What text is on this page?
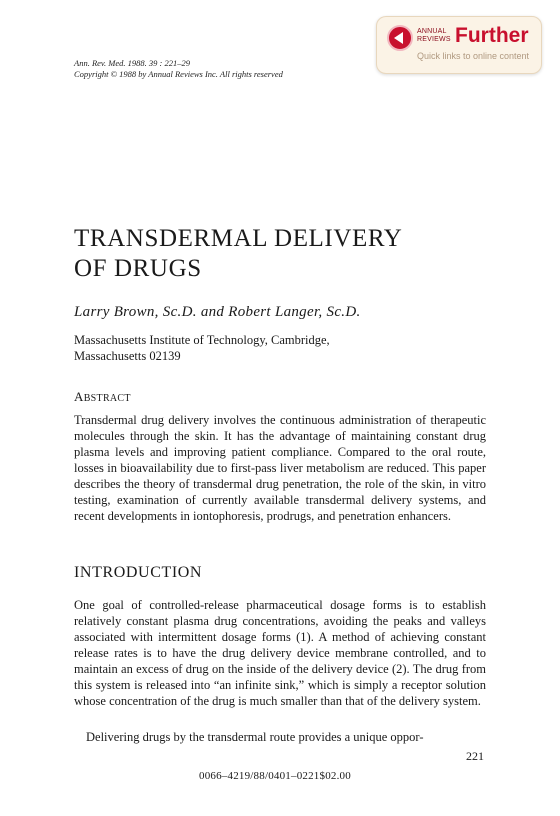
ANNUAL
REVIEWS Further
Quick links to online content
Ann. Rev. Med. 1988. 39 : 221–29
Copyright © 1988 by Annual Reviews Inc. All rights reserved
TRANSDERMAL DELIVERY
OF DRUGS
Larry Brown, Sc.D. and Robert Langer, Sc.D.
Massachusetts Institute of Technology, Cambridge,
Massachusetts 02139
ABSTRACT
Transdermal drug delivery involves the continuous administration of therapeutic molecules through the skin. It has the advantage of maintaining constant drug plasma levels and improving patient compliance. Compared to the oral route, losses in bioavailability due to first-pass liver metabolism are reduced. This paper describes the theory of transdermal drug penetration, the role of the skin, in vitro testing, examination of currently available transdermal delivery systems, and recent developments in iontophoresis, prodrugs, and penetration enhancers.
INTRODUCTION
One goal of controlled-release pharmaceutical dosage forms is to establish relatively constant plasma drug concentrations, avoiding the peaks and valleys associated with intermittent dosage forms (1). A method of achieving constant release rates is to have the drug delivery device membrane controlled, and to maintain an excess of drug on the inside of the delivery device (2). The drug from this system is released into “an infinite sink,” which is simply a receptor solution whose concentration of the drug is much smaller than that of the delivery system.
Delivering drugs by the transdermal route provides a unique oppor-
221
0066–4219/88/0401–0221$02.00
